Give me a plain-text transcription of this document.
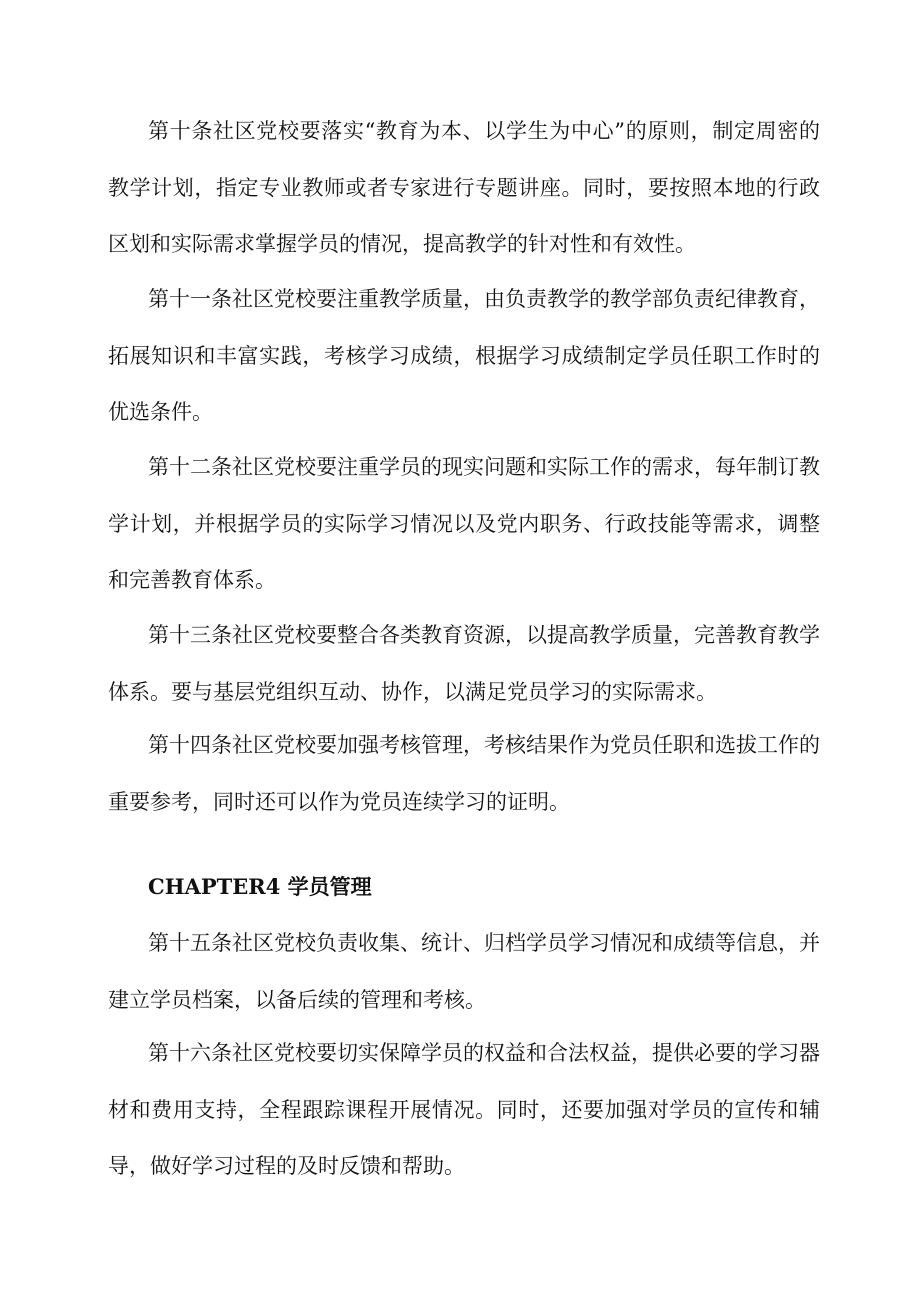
第十条社区党校要落实“教育为本、以学生为中心”的原则，制定周密的教学计划，指定专业教师或者专家进行专题讲座。同时，要按照本地的行政区划和实际需求掌握学员的情况，提高教学的针对性和有效性。

第十一条社区党校要注重教学质量，由负责教学的教学部负责纪律教育，拓展知识和丰富实践，考核学习成绩，根据学习成绩制定学员任职工作时的优选条件。

第十二条社区党校要注重学员的现实问题和实际工作的需求，每年制订教学计划，并根据学员的实际学习情况以及党内职务、行政技能等需求，调整和完善教育体系。

第十三条社区党校要整合各类教育资源，以提高教学质量，完善教育教学体系。要与基层党组织互动、协作，以满足党员学习的实际需求。

第十四条社区党校要加强考核管理，考核结果作为党员任职和选拔工作的重要参考，同时还可以作为党员连续学习的证明。

CHAPTER4 学员管理

第十五条社区党校负责收集、统计、归档学员学习情况和成绩等信息，并建立学员档案，以备后续的管理和考核。

第十六条社区党校要切实保障学员的权益和合法权益，提供必要的学习器材和费用支持，全程跟踪课程开展情况。同时，还要加强对学员的宣传和辅导，做好学习过程的及时反馈和帮助。
